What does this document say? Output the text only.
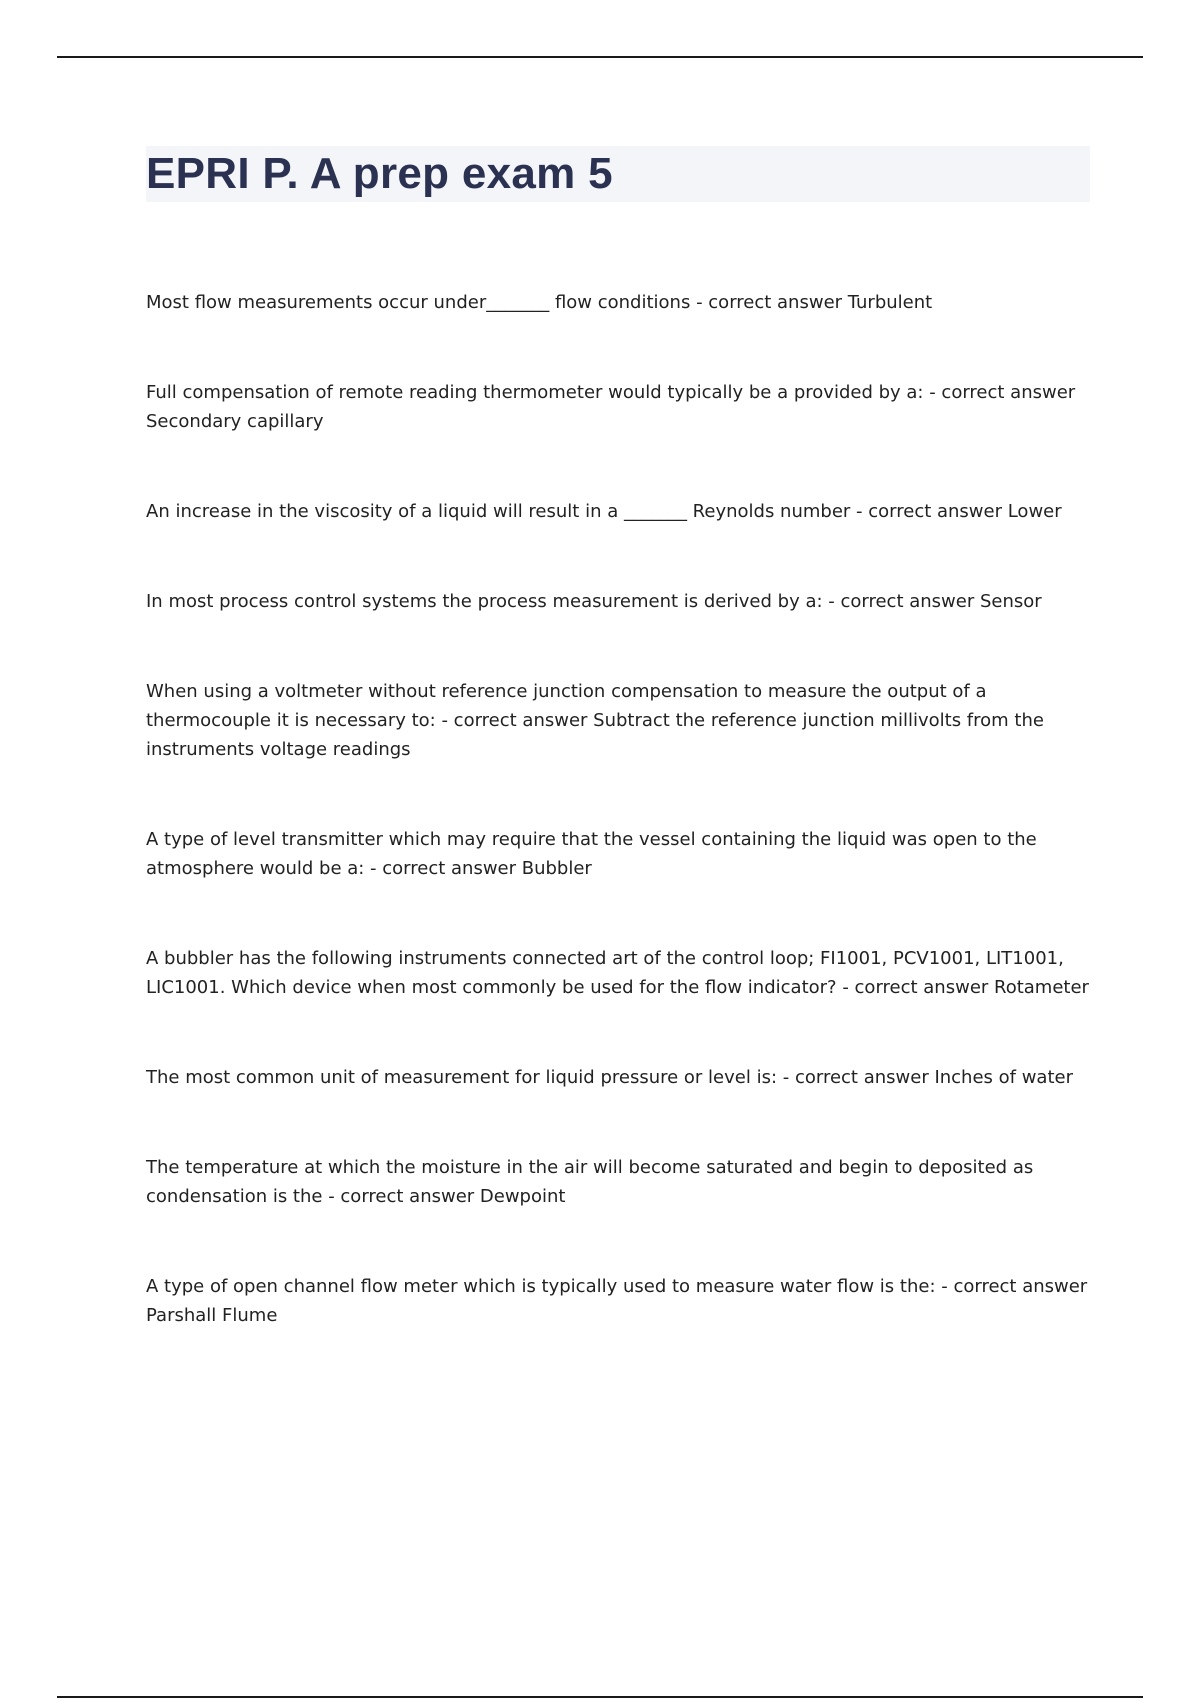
EPRI P. A prep exam 5
Most flow measurements occur under_______ flow conditions - correct answer Turbulent
Full compensation of remote reading thermometer would typically be a provided by a: - correct answer Secondary capillary
An increase in the viscosity of a liquid will result in a _______ Reynolds number - correct answer Lower
In most process control systems the process measurement is derived by a: - correct answer Sensor
When using a voltmeter without reference junction compensation to measure the output of a thermocouple it is necessary to: - correct answer Subtract the reference junction millivolts from the instruments voltage readings
A type of level transmitter which may require that the vessel containing the liquid was open to the atmosphere would be a: - correct answer Bubbler
A bubbler has the following instruments connected art of the control loop; FI1001, PCV1001, LIT1001, LIC1001. Which device when most commonly be used for the flow indicator? - correct answer Rotameter
The most common unit of measurement for liquid pressure or level is: - correct answer Inches of water
The temperature at which the moisture in the air will become saturated and begin to deposited as condensation is the - correct answer Dewpoint
A type of open channel flow meter which is typically used to measure water flow is the: - correct answer Parshall Flume
